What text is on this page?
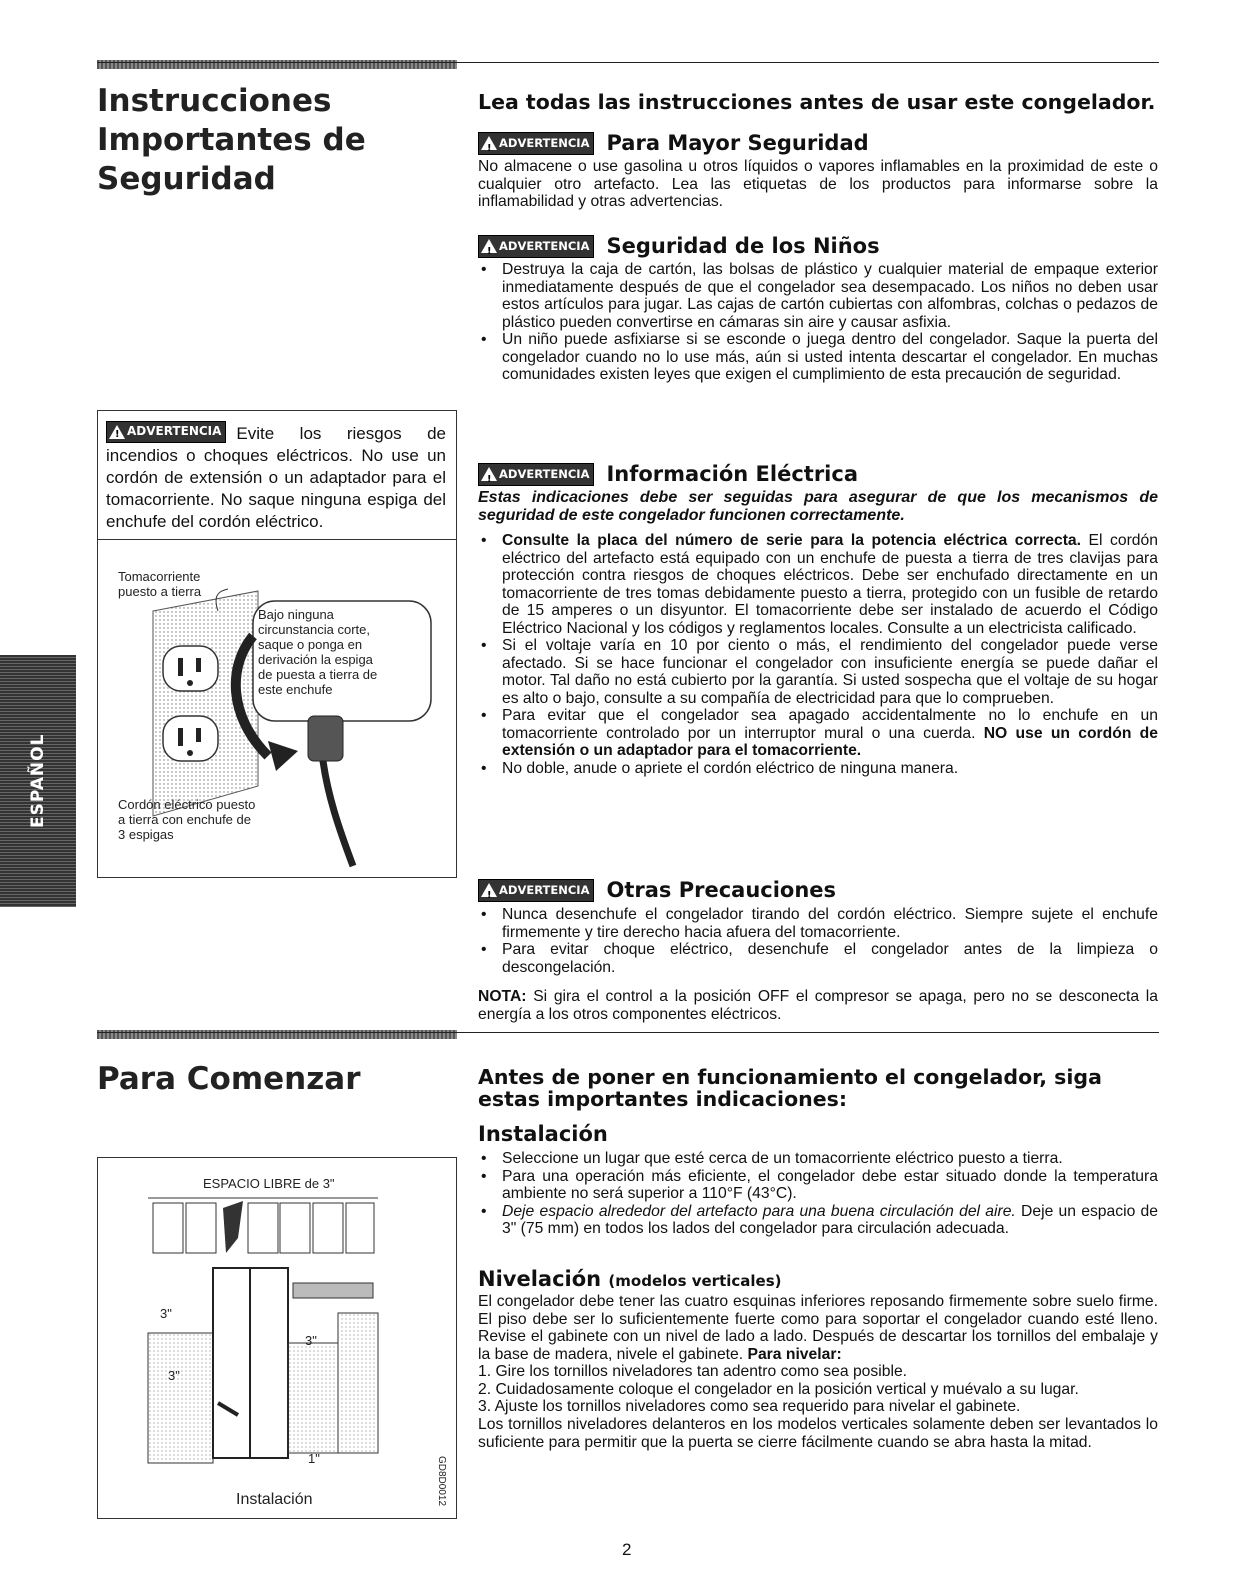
ESPAÑOL
Instrucciones
Importantes de
Seguridad
Lea todas las instrucciones antes de usar este congelador.
!
ADVERTENCIA Para Mayor Seguridad

No almacene o use gasolina u otros líquidos o vapores inflamables en la proximidad de este o cualquier otro artefacto. Lea las etiquetas de los productos para informarse sobre la inflamabilidad y otras advertencias.

!
ADVERTENCIA Seguridad de los Niños
• Destruya la caja de cartón, las bolsas de plástico y cualquier material de empaque exterior inmediatamente después de que el congelador sea desempacado. Los niños no deben usar estos artículos para jugar. Las cajas de cartón cubiertas con alfombras, colchas o pedazos de plástico pueden convertirse en cámaras sin aire y causar asfixia.
• Un niño puede asfixiarse si se esconde o juega dentro del congelador. Saque la puerta del congelador cuando no lo use más, aún si usted intenta descartar el congelador. En muchas comunidades existen leyes que exigen el cumplimiento de esta precaución de seguridad.
!
ADVERTENCIA Evite los riesgos de incendios o choques eléctricos. No use un cordón de extensión o un adaptador para el tomacorriente. No saque ninguna espiga del enchufe del cordón eléctrico.
Tomacorriente
puesto a tierra
Bajo ninguna
circunstancia corte,
saque o ponga en
derivación la espiga
de puesta a tierra de
este enchufe
Cordón eléctrico puesto
a tierra con enchufe de
3 espigas
!
ADVERTENCIA Información Eléctrica

Estas indicaciones debe ser seguidas para asegurar de que los mecanismos de seguridad de este congelador funcionen correctamente.

• Consulte la placa del número de serie para la potencia eléctrica correcta. El cordón eléctrico del artefacto está equipado con un enchufe de puesta a tierra de tres clavijas para protección contra riesgos de choques eléctricos. Debe ser enchufado directamente en un tomacorriente de tres tomas debidamente puesto a tierra, protegido con un fusible de retardo de 15 amperes o un disyuntor. El tomacorriente debe ser instalado de acuerdo el Código Eléctrico Nacional y los códigos y reglamentos locales. Consulte a un electricista calificado.
• Si el voltaje varía en 10 por ciento o más, el rendimiento del congelador puede verse afectado. Si se hace funcionar el congelador con insuficiente energía se puede dañar el motor. Tal daño no está cubierto por la garantía. Si usted sospecha que el voltaje de su hogar es alto o bajo, consulte a su compañía de electricidad para que lo comprueben.
• Para evitar que el congelador sea apagado accidentalmente no lo enchufe en un tomacorriente controlado por un interruptor mural o una cuerda. NO use un cordón de extensión o un adaptador para el tomacorriente.
• No doble, anude o apriete el cordón eléctrico de ninguna manera.
!
ADVERTENCIA Otras Precauciones
• Nunca desenchufe el congelador tirando del cordón eléctrico. Siempre sujete el enchufe firmemente y tire derecho hacia afuera del tomacorriente.
• Para evitar choque eléctrico, desenchufe el congelador antes de la limpieza o descongelación.

NOTA: Si gira el control a la posición OFF el compresor se apaga, pero no se desconecta la energía a los otros componentes eléctricos.

Para Comenzar	Antes de poner en funcionamiento el congelador, siga estas importantes indicaciones:
Instalación
• Seleccione un lugar que esté cerca de un tomacorriente eléctrico puesto a tierra.
• Para una operación más eficiente, el congelador debe estar situado donde la temperatura ambiente no será superior a 110°F (43°C).
• Deje espacio alrededor del artefacto para una buena circulación del aire. Deje un espacio de 3" (75 mm) en todos los lados del congelador para circulación adecuada.
Nivelación (modelos verticales)

El congelador debe tener las cuatro esquinas inferiores reposando firmemente sobre suelo firme. El piso debe ser lo suficientemente fuerte como para soportar el congelador cuando esté lleno. Revise el gabinete con un nivel de lado a lado. Después de descartar los tornillos del embalaje y la base de madera, nivele el gabinete. Para nivelar:

1. Gire los tornillos niveladores tan adentro como sea posible.
2. Cuidadosamente coloque el congelador en la posición vertical y muévalo a su lugar.
3. Ajuste los tornillos niveladores como sea requerido para nivelar el gabinete.

Los tornillos niveladores delanteros en los modelos verticales solamente deben ser levantados lo suficiente para permitir que la puerta se cierre fácilmente cuando se abra hasta la mitad.

ESPACIO LIBRE de 3"
3"
3"
3"
1"
Instalación	GD8D0012
2
